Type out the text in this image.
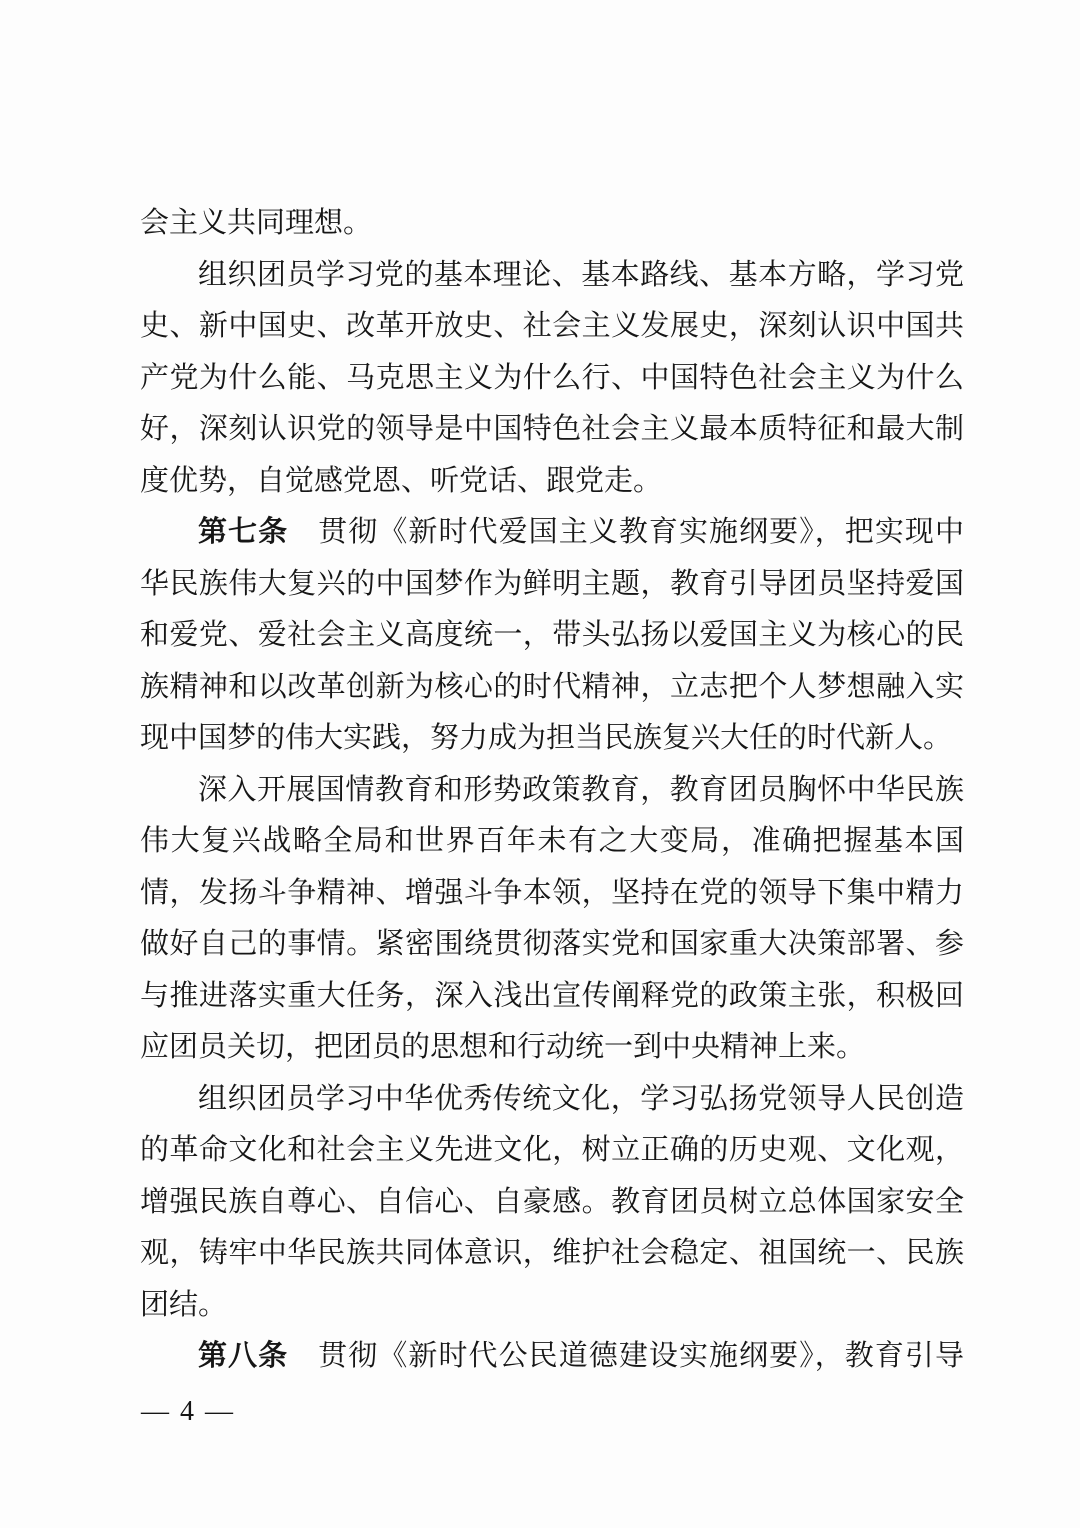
会主义共同理想。
组织团员学习党的基本理论、基本路线、基本方略，学习党
史、新中国史、改革开放史、社会主义发展史，深刻认识中国共
产党为什么能、马克思主义为什么行、中国特色社会主义为什么
好，深刻认识党的领导是中国特色社会主义最本质特征和最大制
度优势，自觉感党恩、听党话、跟党走。
第七条 贯彻《新时代爱国主义教育实施纲要》，把实现中
华民族伟大复兴的中国梦作为鲜明主题，教育引导团员坚持爱国
和爱党、爱社会主义高度统一，带头弘扬以爱国主义为核心的民
族精神和以改革创新为核心的时代精神，立志把个人梦想融入实
现中国梦的伟大实践，努力成为担当民族复兴大任的时代新人。
深入开展国情教育和形势政策教育，教育团员胸怀中华民族
伟大复兴战略全局和世界百年未有之大变局，准确把握基本国
情，发扬斗争精神、增强斗争本领，坚持在党的领导下集中精力
做好自己的事情。紧密围绕贯彻落实党和国家重大决策部署、参
与推进落实重大任务，深入浅出宣传阐释党的政策主张，积极回
应团员关切，把团员的思想和行动统一到中央精神上来。
组织团员学习中华优秀传统文化，学习弘扬党领导人民创造
的革命文化和社会主义先进文化，树立正确的历史观、文化观，
增强民族自尊心、自信心、自豪感。教育团员树立总体国家安全
观，铸牢中华民族共同体意识，维护社会稳定、祖国统一、民族
团结。
第八条 贯彻《新时代公民道德建设实施纲要》，教育引导
— 4 —
